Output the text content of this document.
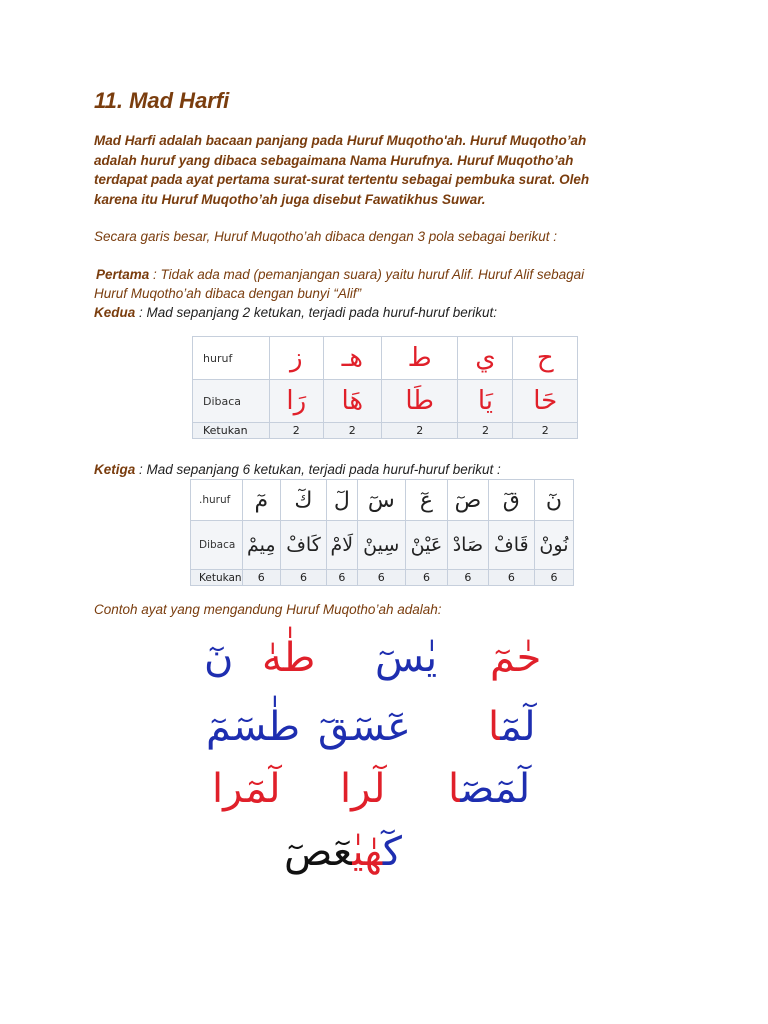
11. Mad Harfi
Mad Harfi adalah bacaan panjang pada Huruf Muqotho'ah. Huruf Muqotho’ah
adalah huruf yang dibaca sebagaimana Nama Hurufnya. Huruf Muqotho’ah
terdapat pada ayat pertama surat-surat tertentu sebagai pembuka surat. Oleh
karena itu Huruf Muqotho’ah juga disebut Fawatikhus Suwar.

Secara garis besar, Huruf Muqotho’ah dibaca dengan 3 pola sebagai berikut :

Pertama : Tidak ada mad (pemanjangan suara) yaitu huruf Alif. Huruf Alif sebagai

Huruf Muqotho’ah dibaca dengan bunyi “Alif”

Kedua : Mad sepanjang 2 ketukan, terjadi pada huruf-huruf berikut:

huruf	ز	هـ	ط	ي	ح
Dibaca	رَا	هَا	طَا	يَا	حَا
Ketukan	2	2	2	2	2

Ketiga : Mad sepanjang 6 ketukan, terjadi pada huruf-huruf berikut :

.huruf	مٓ	كٓ	لٓ	سٓ	عٓ	صٓ	قٓ	نٓ
Dibaca	مِيمْ	كَافْ	لَامْ	سِينْ	عَيْنْ	صَادْ	قَافْ	نُونْ
Ketukan	6	6	6	6	6	6	6	6

Contoh ayat yang mengandung Huruf Muqotho’ah adalah:

حٰمٓ
يٰسٓ
طٰهٰ
نٓ
لٓمٓا
عٓسٓقٓ
طٰسٓمٓ
لٓمٓصٓا
لٓرا
لٓمٓرا
كٓهٰيٰعٓصٓ
